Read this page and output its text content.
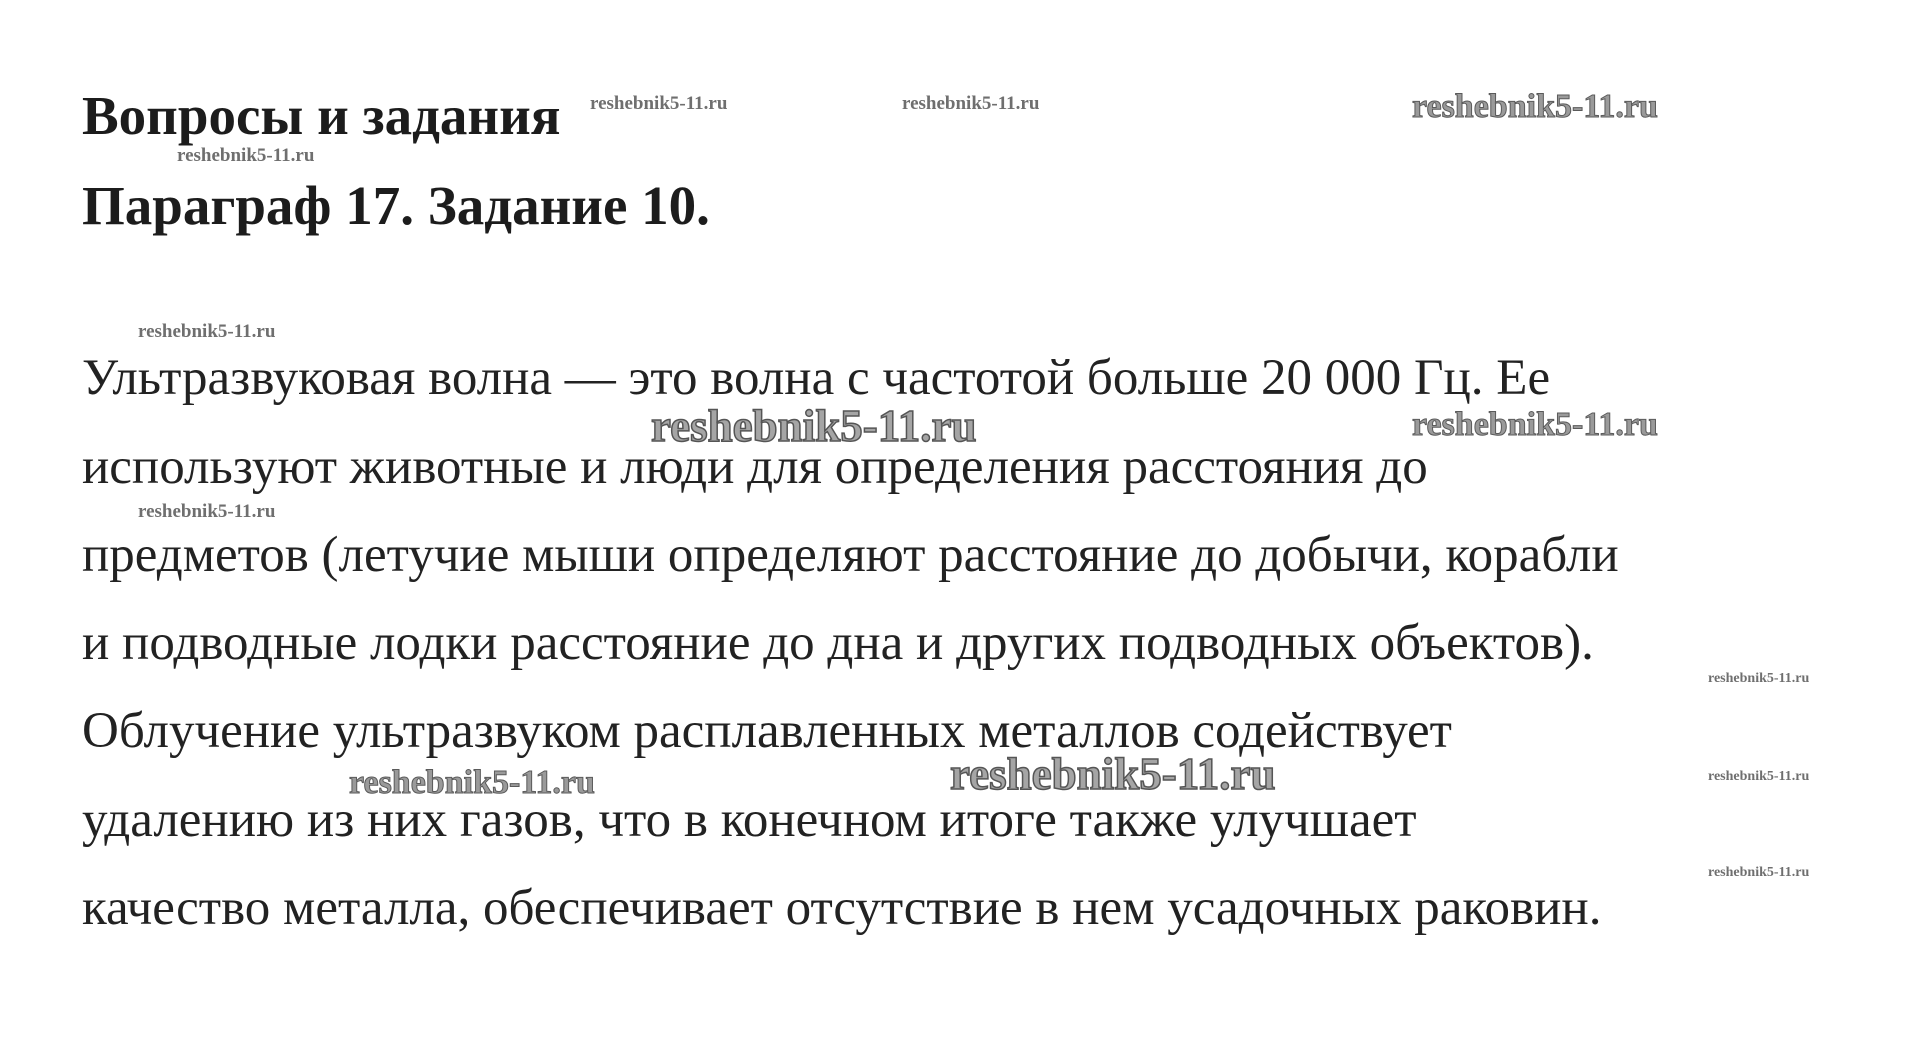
Вопросы и задания
Параграф 17. Задание 10.
Ультразвуковая волна — это волна с частотой больше 20 000 Гц. Ее
используют животные и люди для определения расстояния до
предметов (летучие мыши определяют расстояние до добычи, корабли
и подводные лодки расстояние до дна и других подводных объектов).
Облучение ультразвуком расплавленных металлов содействует
удалению из них газов, что в конечном итоге также улучшает
качество металла, обеспечивает отсутствие в нем усадочных раковин.
reshebnik5-11.ru	reshebnik5-11.ru	reshebnik5-11.ru
reshebnik5-11.ru
reshebnik5-11.ru
reshebnik5-11.ru	reshebnik5-11.ru
reshebnik5-11.ru
reshebnik5-11.ru
reshebnik5-11.ru	reshebnik5-11.ru	reshebnik5-11.ru
reshebnik5-11.ru
